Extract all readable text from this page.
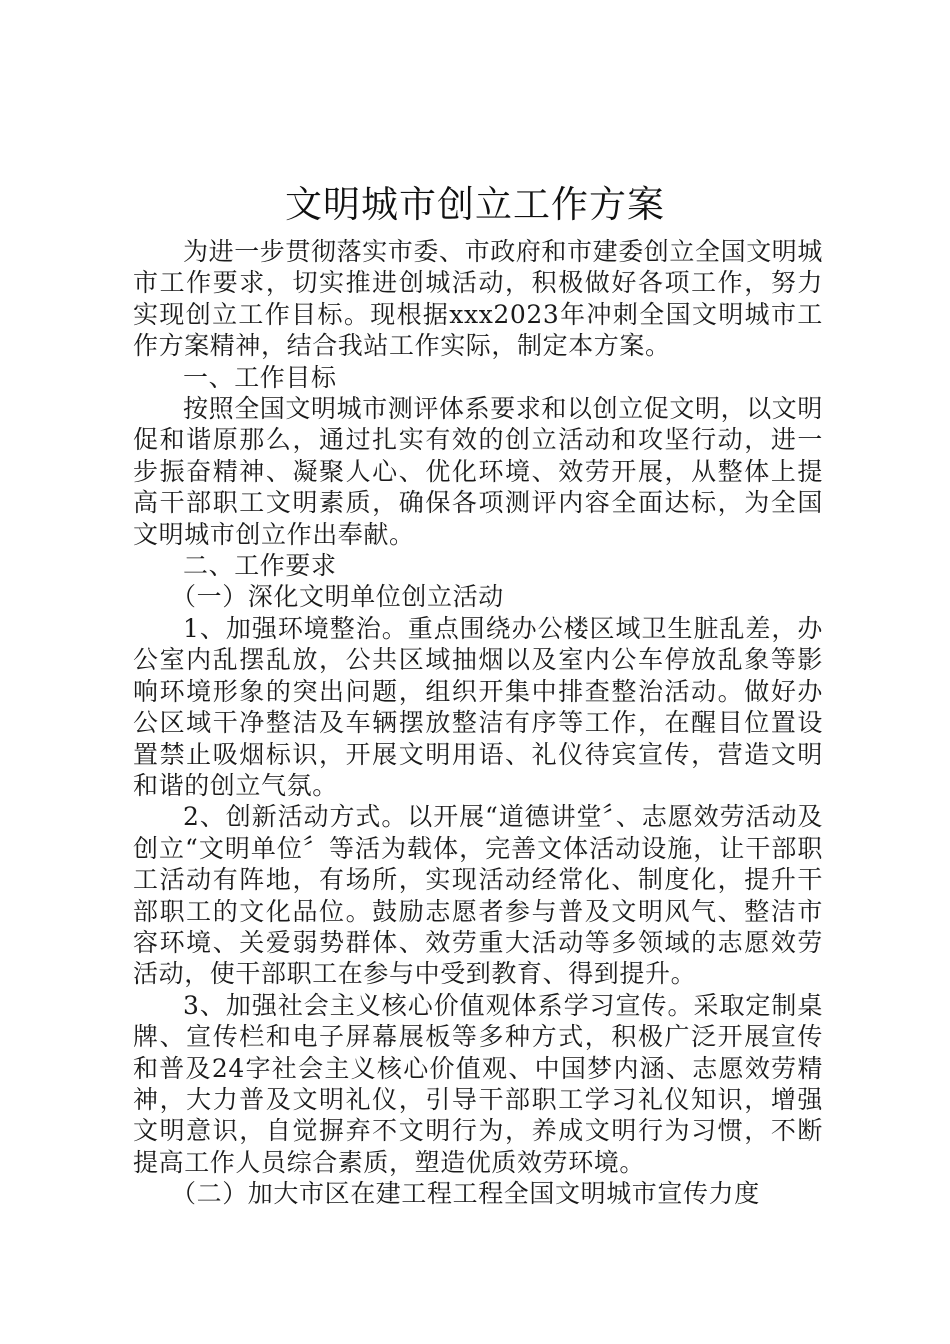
文明城市创立工作方案

为进一步贯彻落实市委、市政府和市建委创立全国文明城市工作要求，切实推进创城活动，积极做好各项工作，努力实现创立工作目标。现根据xxx2023年冲刺全国文明城市工作方案精神，结合我站工作实际，制定本方案。

一、工作目标

按照全国文明城市测评体系要求和以创立促文明，以文明促和谐原那么，通过扎实有效的创立活动和攻坚行动，进一步振奋精神、凝聚人心、优化环境、效劳开展，从整体上提高干部职工文明素质，确保各项测评内容全面达标，为全国文明城市创立作出奉献。

二、工作要求

（一）深化文明单位创立活动

1、加强环境整治。重点围绕办公楼区域卫生脏乱差，办公室内乱摆乱放，公共区域抽烟以及室内公车停放乱象等影响环境形象的突出问题，组织开集中排查整治活动。做好办公区域干净整洁及车辆摆放整洁有序等工作，在醒目位置设置禁止吸烟标识，开展文明用语、礼仪待宾宣传，营造文明和谐的创立气氛。

2、创新活动方式。以开展“道德讲堂〞、志愿效劳活动及创立“文明单位〞等活为载体，完善文体活动设施，让干部职工活动有阵地，有场所，实现活动经常化、制度化，提升干部职工的文化品位。鼓励志愿者参与普及文明风气、整洁市容环境、关爱弱势群体、效劳重大活动等多领域的志愿效劳活动，使干部职工在参与中受到教育、得到提升。

3、加强社会主义核心价值观体系学习宣传。采取定制桌牌、宣传栏和电子屏幕展板等多种方式，积极广泛开展宣传和普及24字社会主义核心价值观、中国梦内涵、志愿效劳精神，大力普及文明礼仪，引导干部职工学习礼仪知识，增强文明意识，自觉摒弃不文明行为，养成文明行为习惯，不断提高工作人员综合素质，塑造优质效劳环境。

（二）加大市区在建工程工程全国文明城市宣传力度
